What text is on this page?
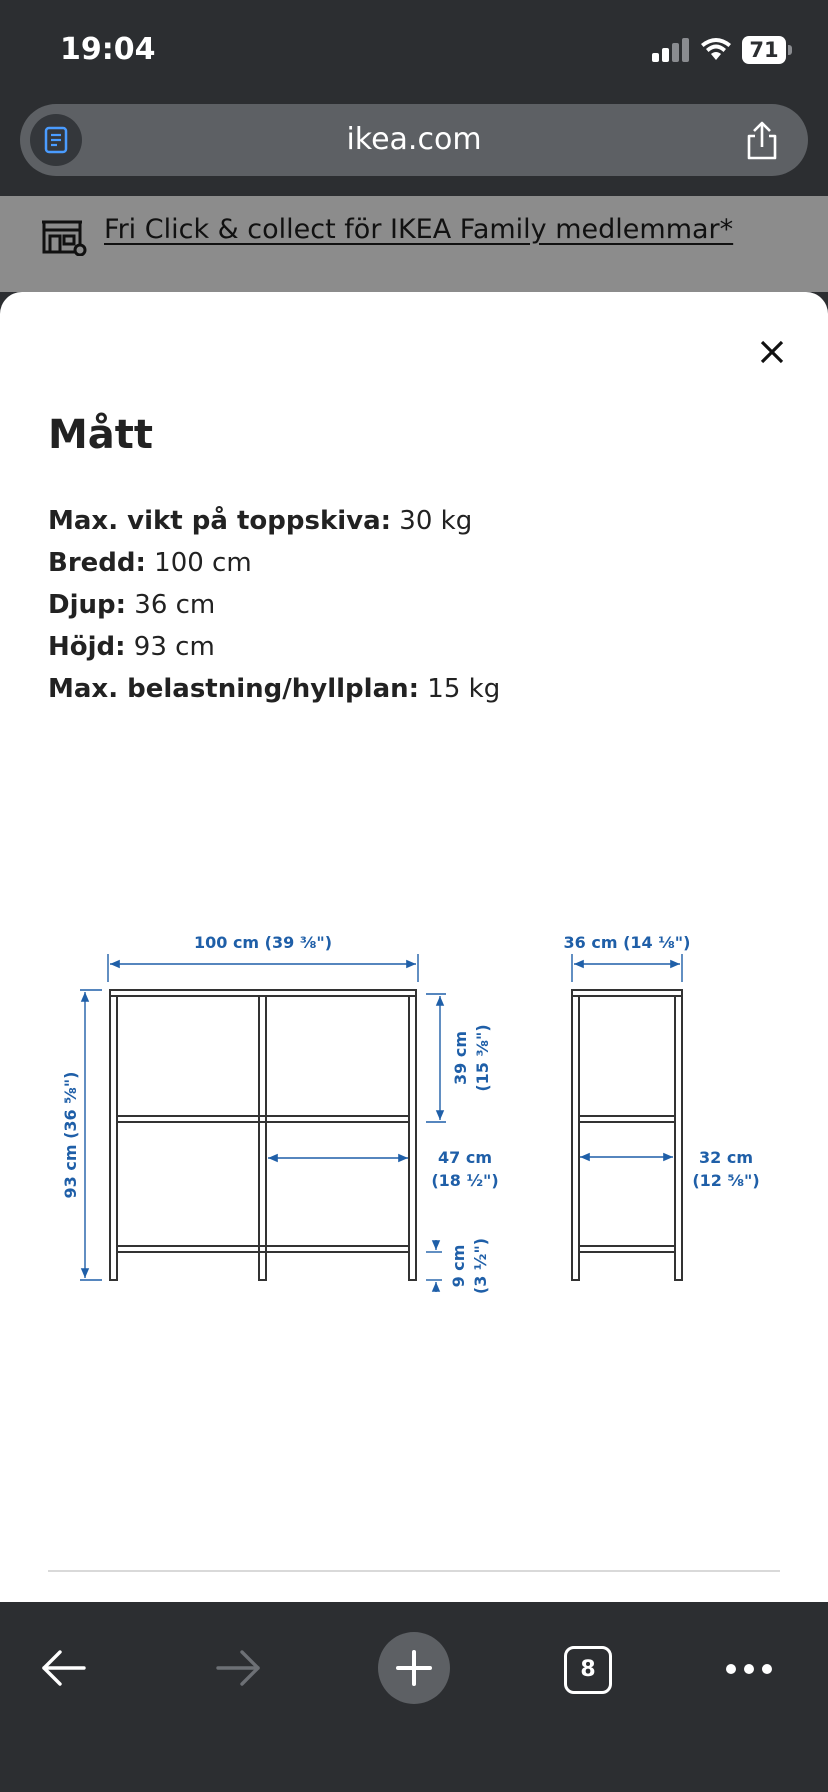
19:04	71
ikea.com
Fri Click & collect för IKEA Family medlemmar*
Mått
Max. vikt på toppskiva: 30 kg
Bredd: 100 cm
Djup: 36 cm
Höjd: 93 cm
Max. belastning/hyllplan: 15 kg
100 cm (39 ⅜")	36 cm (14 ⅛")
93 cm (36 ⅝")
39 cm (15 ⅜")
47 cm
(18 ½")
9 cm (3 ½")
32 cm
(12 ⅝")
8
